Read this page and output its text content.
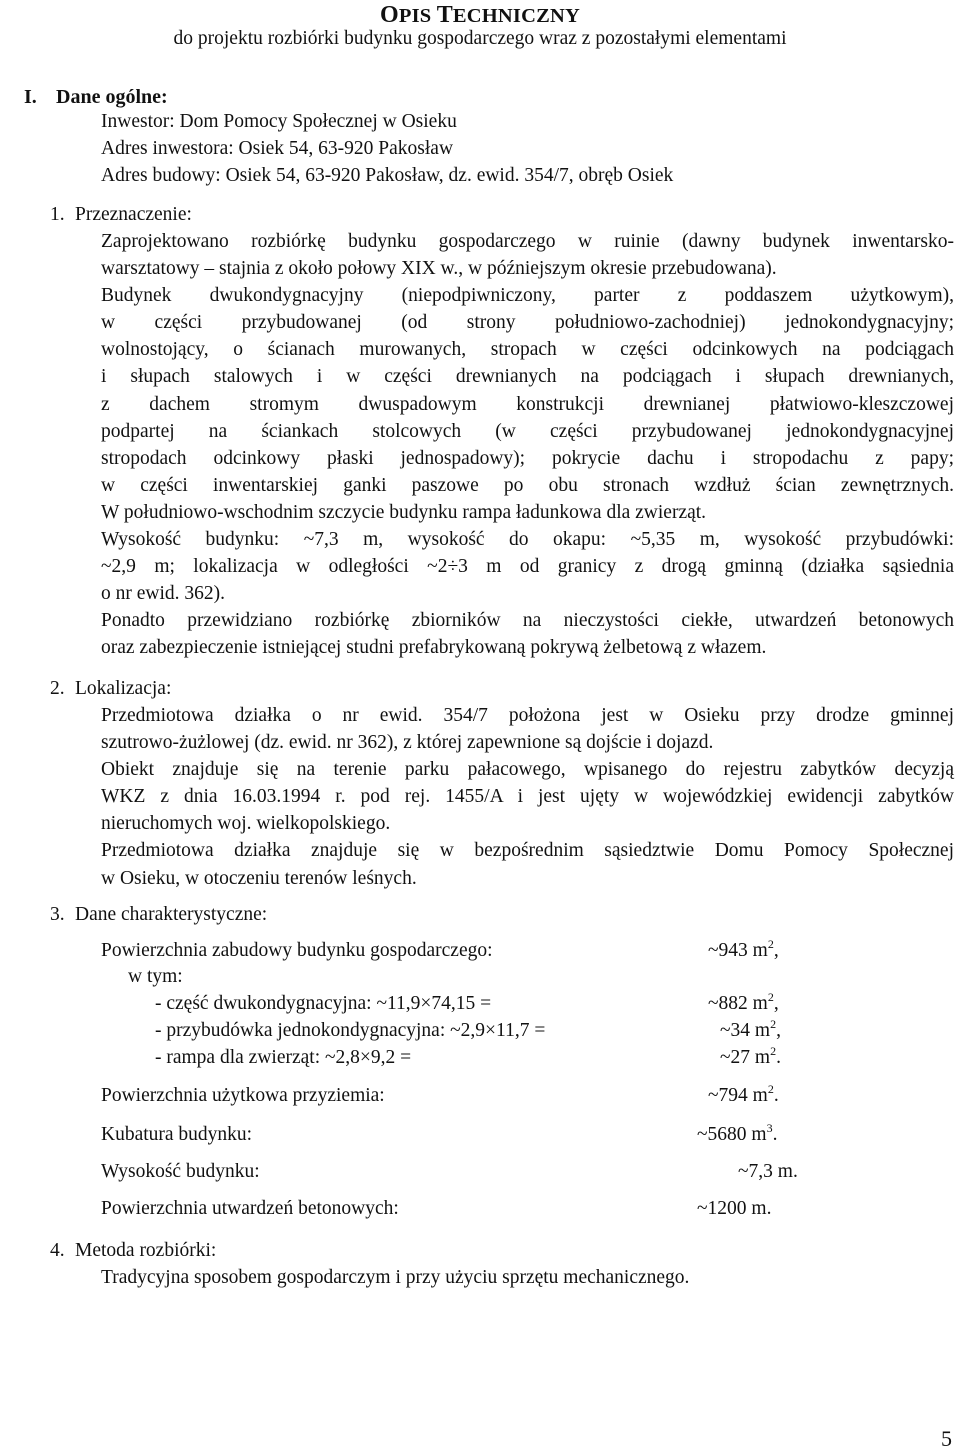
OPIS TECHNICZNY
do projektu rozbiórki budynku gospodarczego wraz z pozostałymi elementami
I. Dane ogólne:
Inwestor: Dom Pomocy Społecznej w Osieku
Adres inwestora: Osiek 54, 63-920 Pakosław
Adres budowy: Osiek 54, 63-920 Pakosław, dz. ewid. 354/7, obręb Osiek
1. Przeznaczenie:
Zaprojektowano rozbiórkę budynku gospodarczego w ruinie (dawny budynek inwentarsko-
warsztatowy – stajnia z około połowy XIX w., w późniejszym okresie przebudowana).
Budynek dwukondygnacyjny (niepodpiwniczony, parter z poddaszem użytkowym),
w części przybudowanej (od strony południowo-zachodniej) jednokondygnacyjny;
wolnostojący, o ścianach murowanych, stropach w części odcinkowych na podciągach
i słupach stalowych i w części drewnianych na podciągach i słupach drewnianych,
z dachem stromym dwuspadowym konstrukcji drewnianej płatwiowo-kleszczowej
podpartej na ściankach stolcowych (w części przybudowanej jednokondygnacyjnej
stropodach odcinkowy płaski jednospadowy); pokrycie dachu i stropodachu z papy;
w części inwentarskiej ganki paszowe po obu stronach wzdłuż ścian zewnętrznych.
W południowo-wschodnim szczycie budynku rampa ładunkowa dla zwierząt.
Wysokość budynku: ~7,3 m, wysokość do okapu: ~5,35 m, wysokość przybudówki:
~2,9 m; lokalizacja w odległości ~2÷3 m od granicy z drogą gminną (działka sąsiednia
o nr ewid. 362).
Ponadto przewidziano rozbiórkę zbiorników na nieczystości ciekłe, utwardzeń betonowych
oraz zabezpieczenie istniejącej studni prefabrykowaną pokrywą żelbetową z włazem.
2. Lokalizacja:
Przedmiotowa działka o nr ewid. 354/7 położona jest w Osieku przy drodze gminnej
szutrowo-żużlowej (dz. ewid. nr 362), z której zapewnione są dojście i dojazd.
Obiekt znajduje się na terenie parku pałacowego, wpisanego do rejestru zabytków decyzją
WKZ z dnia 16.03.1994 r. pod rej. 1455/A i jest ujęty w wojewódzkiej ewidencji zabytków
nieruchomych woj. wielkopolskiego.
Przedmiotowa działka znajduje się w bezpośrednim sąsiedztwie Domu Pomocy Społecznej
w Osieku, w otoczeniu terenów leśnych.
3. Dane charakterystyczne:
Powierzchnia zabudowy budynku gospodarczego:	~943 $m^2$,
w tym:
- część dwukondygnacyjna: ~11,9×74,15 =	~882 $m^2$,
- przybudówka jednokondygnacyjna: ~2,9×11,7 =	~34 $m^2$,
- rampa dla zwierząt: ~2,8×9,2 =	~27 $m^2$.
Powierzchnia użytkowa przyziemia:	~794 $m^2$.
Kubatura budynku:	~5680 $m^3$.
Wysokość budynku:	~7,3 m.
Powierzchnia utwardzeń betonowych:	~1200 m.
4. Metoda rozbiórki:
Tradycyjna sposobem gospodarczym i przy użyciu sprzętu mechanicznego.
5
